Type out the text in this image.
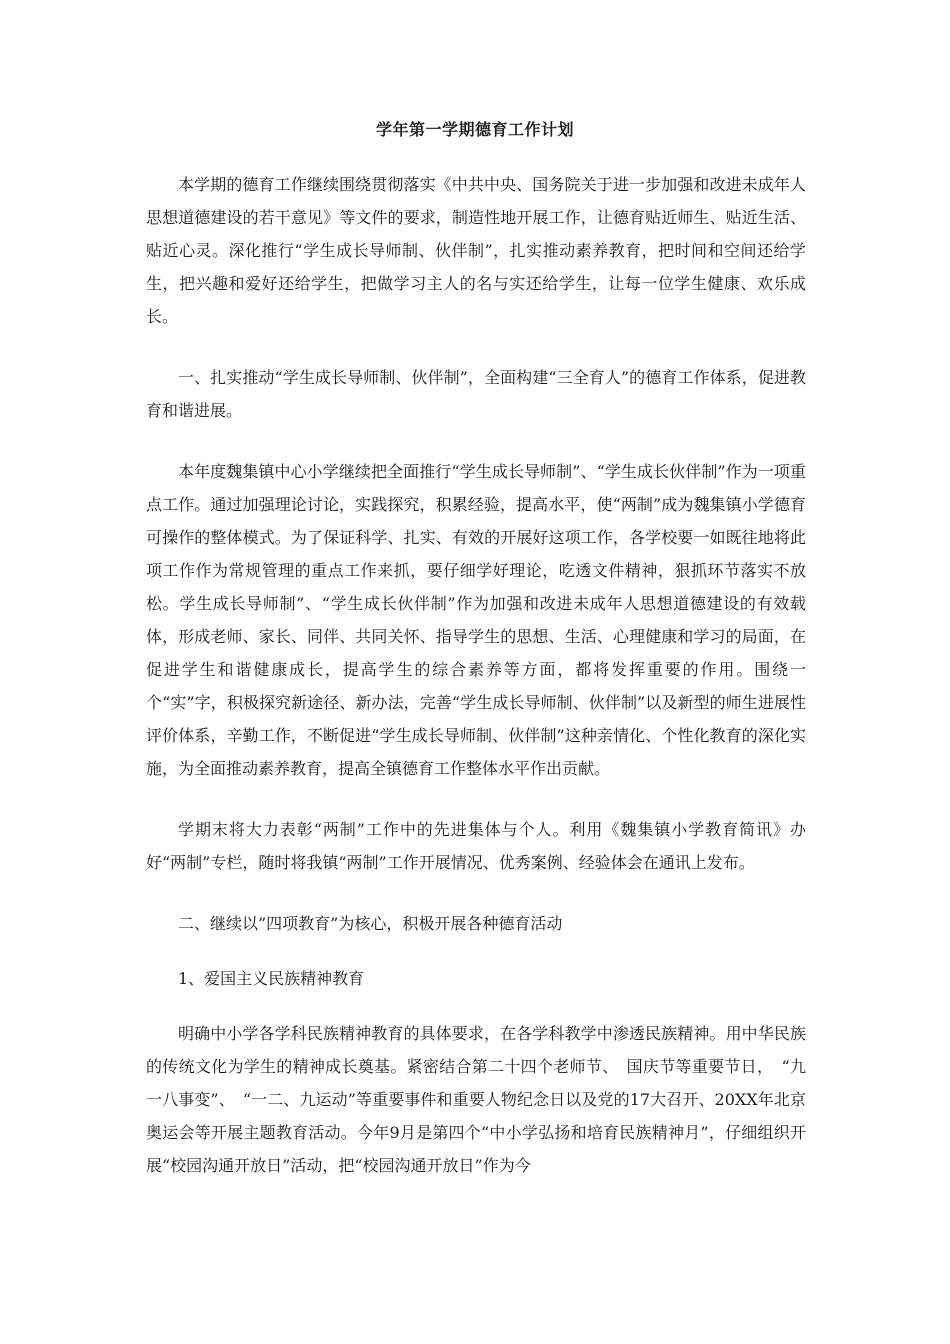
学年第一学期德育工作计划

本学期的德育工作继续围绕贯彻落实《中共中央、国务院关于进一步加强和改进未成年人思想道德建设的若干意见》等文件的要求，制造性地开展工作，让德育贴近师生、贴近生活、贴近心灵。深化推行“学生成长导师制、伙伴制”，扎实推动素养教育，把时间和空间还给学生，把兴趣和爱好还给学生，把做学习主人的名与实还给学生，让每一位学生健康、欢乐成长。

一、扎实推动“学生成长导师制、伙伴制”，全面构建“三全育人”的德育工作体系，促进教育和谐进展。

本年度魏集镇中心小学继续把全面推行“学生成长导师制”、“学生成长伙伴制”作为一项重点工作。通过加强理论讨论，实践探究，积累经验，提高水平，使“两制”成为魏集镇小学德育可操作的整体模式。为了保证科学、扎实、有效的开展好这项工作，各学校要一如既往地将此项工作作为常规管理的重点工作来抓，要仔细学好理论，吃透文件精神，狠抓环节落实不放松。学生成长导师制”、“学生成长伙伴制”作为加强和改进未成年人思想道德建设的有效载体，形成老师、家长、同伴、共同关怀、指导学生的思想、生活、心理健康和学习的局面，在促进学生和谐健康成长，提高学生的综合素养等方面，都将发挥重要的作用。围绕一个“实”字，积极探究新途径、新办法，完善“学生成长导师制、伙伴制”以及新型的师生进展性评价体系，辛勤工作，不断促进“学生成长导师制、伙伴制”这种亲情化、个性化教育的深化实施，为全面推动素养教育，提高全镇德育工作整体水平作出贡献。

学期末将大力表彰“两制”工作中的先进集体与个人。利用《魏集镇小学教育简讯》办好“两制”专栏，随时将我镇“两制”工作开展情况、优秀案例、经验体会在通讯上发布。

二、继续以”四项教育”为核心，积极开展各种德育活动

1、爱国主义民族精神教育

明确中小学各学科民族精神教育的具体要求，在各学科教学中渗透民族精神。用中华民族的传统文化为学生的精神成长奠基。紧密结合第二十四个老师节、　国庆节等重要节日，　“九一八事变”、　“一二、九运动”等重要事件和重要人物纪念日以及党的17大召开、20XX年北京奥运会等开展主题教育活动。今年9月是第四个“中小学弘扬和培育民族精神月”，仔细组织开展“校园沟通开放日”活动，把“校园沟通开放日”作为今
